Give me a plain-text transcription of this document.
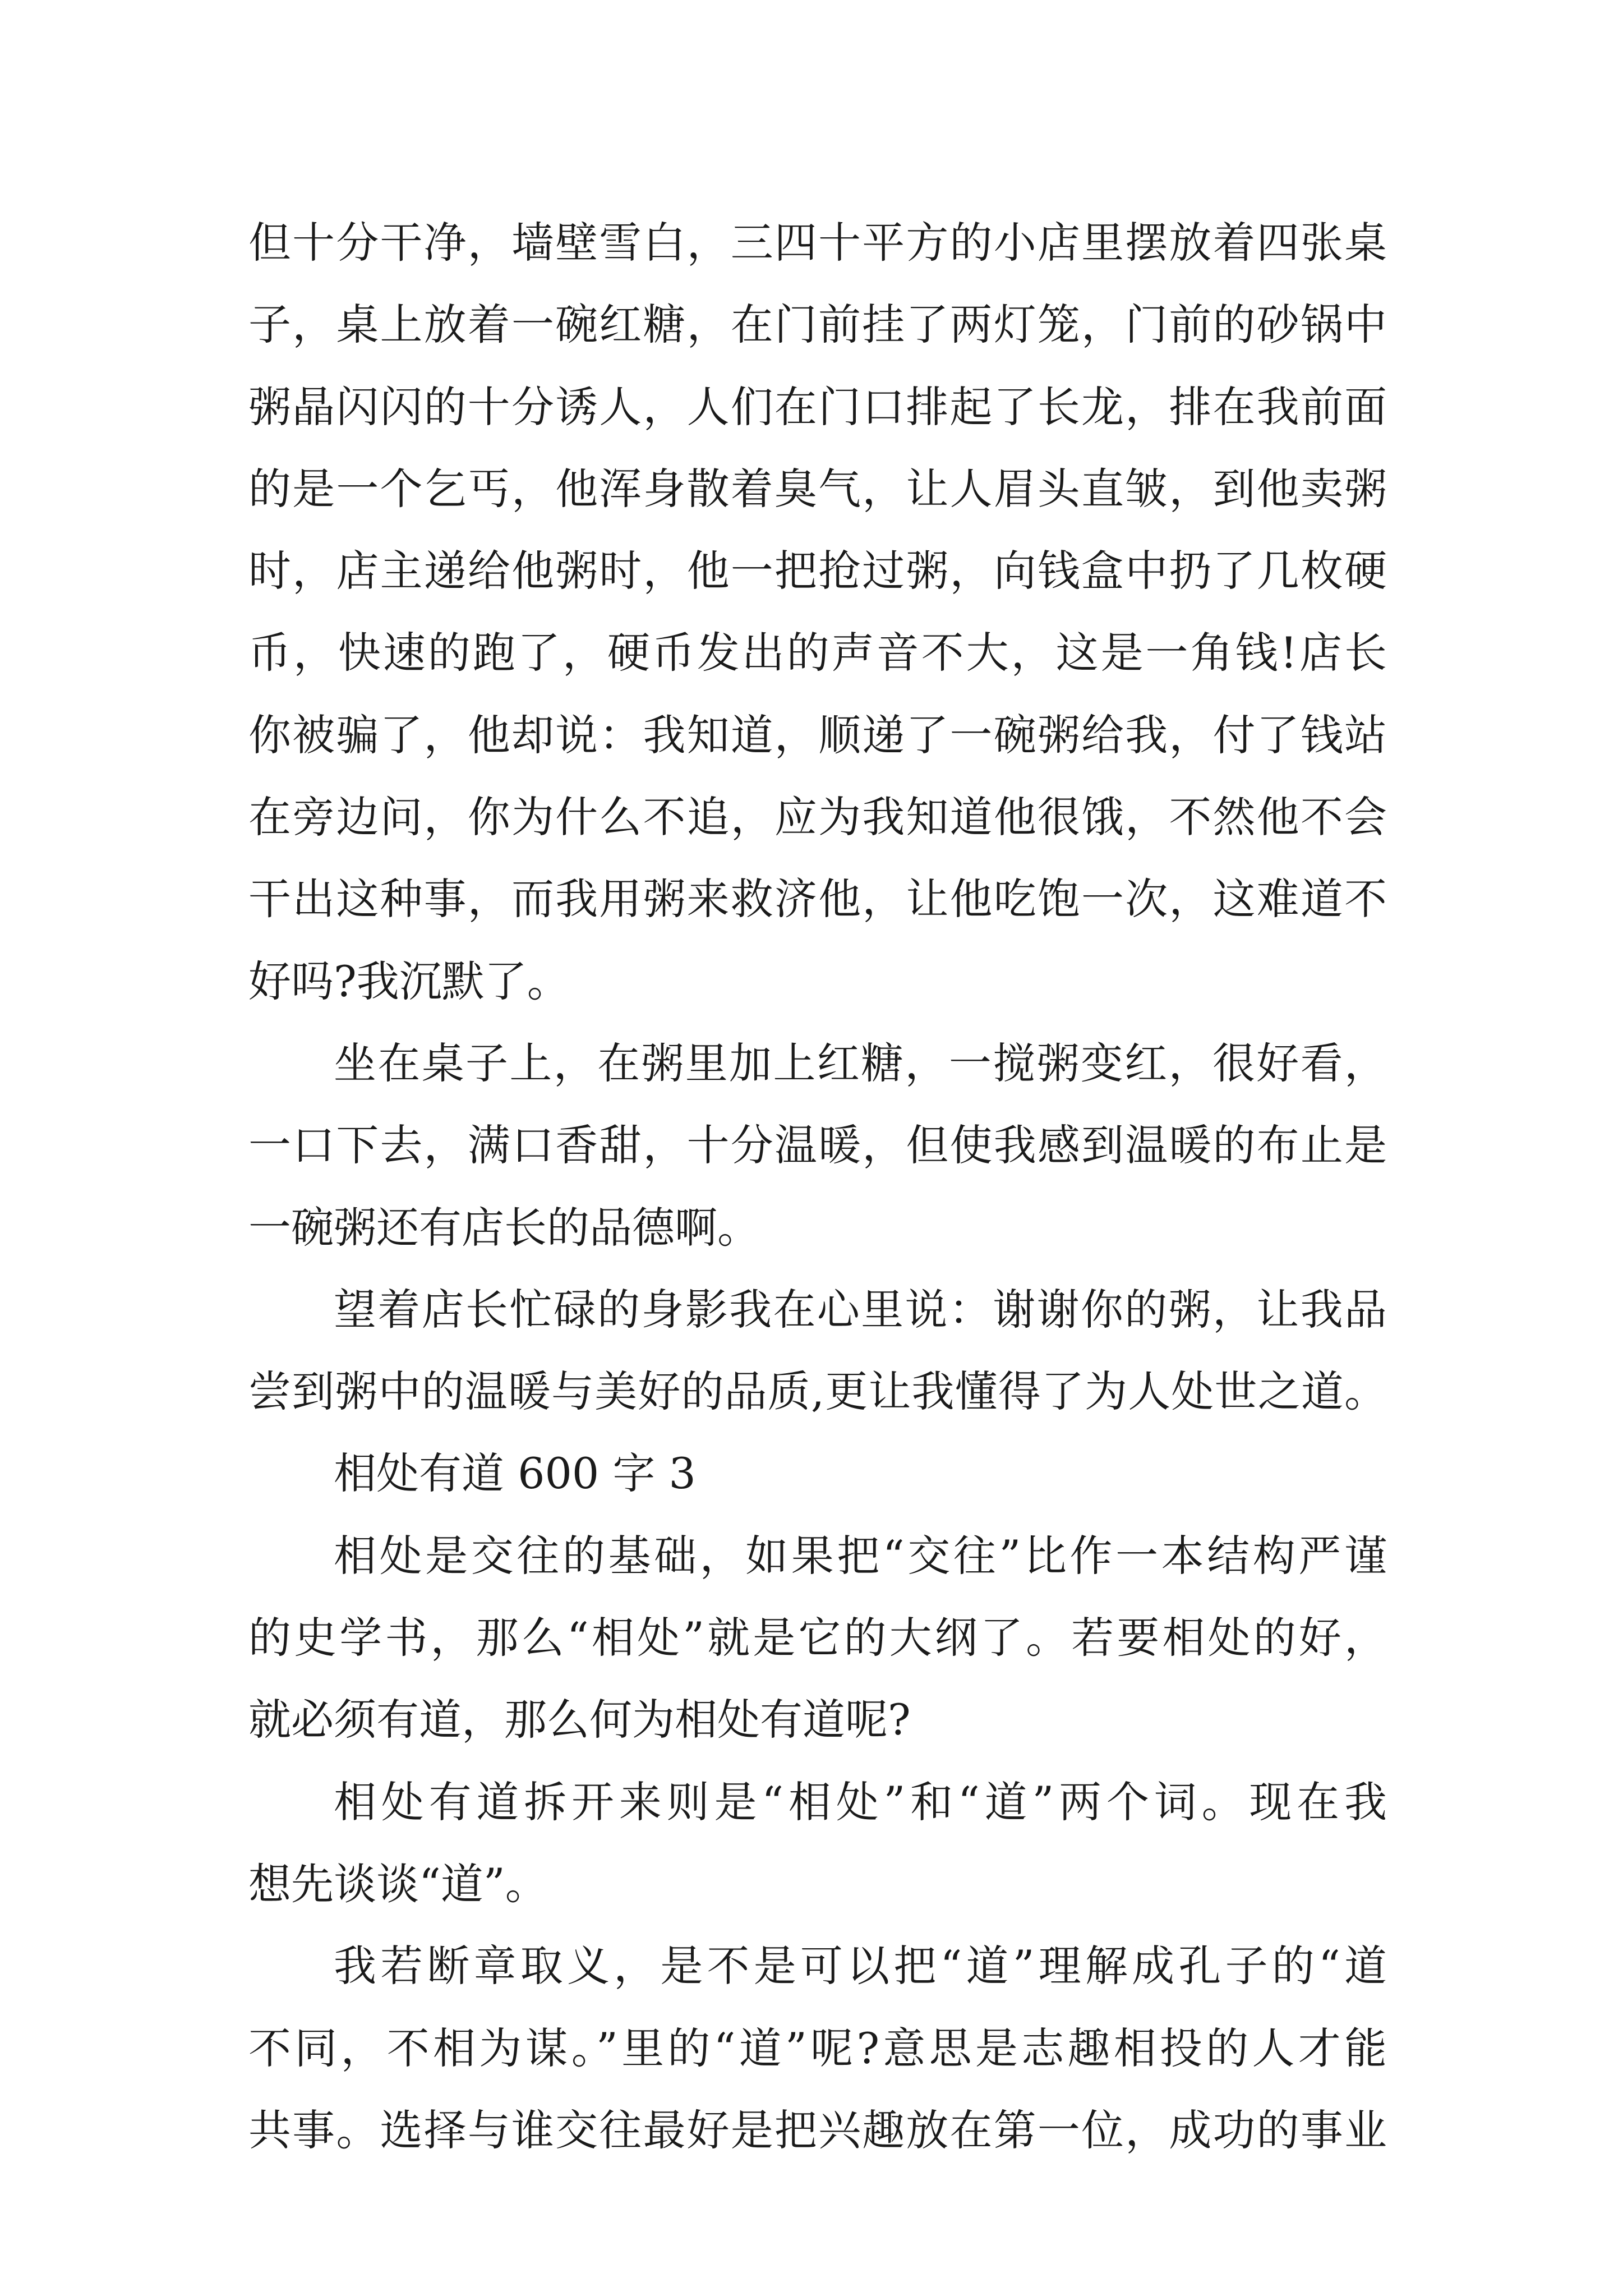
但十分干净，墙壁雪白，三四十平方的小店里摆放着四张桌
子，桌上放着一碗红糖，在门前挂了两灯笼，门前的砂锅中
粥晶闪闪的十分诱人，人们在门口排起了长龙，排在我前面
的是一个乞丐，他浑身散着臭气，让人眉头直皱，到他卖粥
时，店主递给他粥时，他一把抢过粥，向钱盒中扔了几枚硬
币，快速的跑了，硬币发出的声音不大，这是一角钱!店长
你被骗了，他却说：我知道，顺递了一碗粥给我，付了钱站
在旁边问，你为什么不追，应为我知道他很饿，不然他不会
干出这种事，而我用粥来救济他，让他吃饱一次，这难道不
好吗?我沉默了。
坐在桌子上，在粥里加上红糖，一搅粥变红，很好看，
一口下去，满口香甜，十分温暖，但使我感到温暖的布止是
一碗粥还有店长的品德啊。
望着店长忙碌的身影我在心里说：谢谢你的粥，让我品
尝到粥中的温暖与美好的品质,更让我懂得了为人处世之道。
相处有道 600 字 3
相处是交往的基础，如果把“交往”比作一本结构严谨
的史学书，那么“相处”就是它的大纲了。若要相处的好，
就必须有道，那么何为相处有道呢?
相处有道拆开来则是“相处”和“道”两个词。现在我
想先谈谈“道”。
我若断章取义，是不是可以把“道”理解成孔子的“道
不同，不相为谋。”里的“道”呢?意思是志趣相投的人才能
共事。选择与谁交往最好是把兴趣放在第一位，成功的事业
